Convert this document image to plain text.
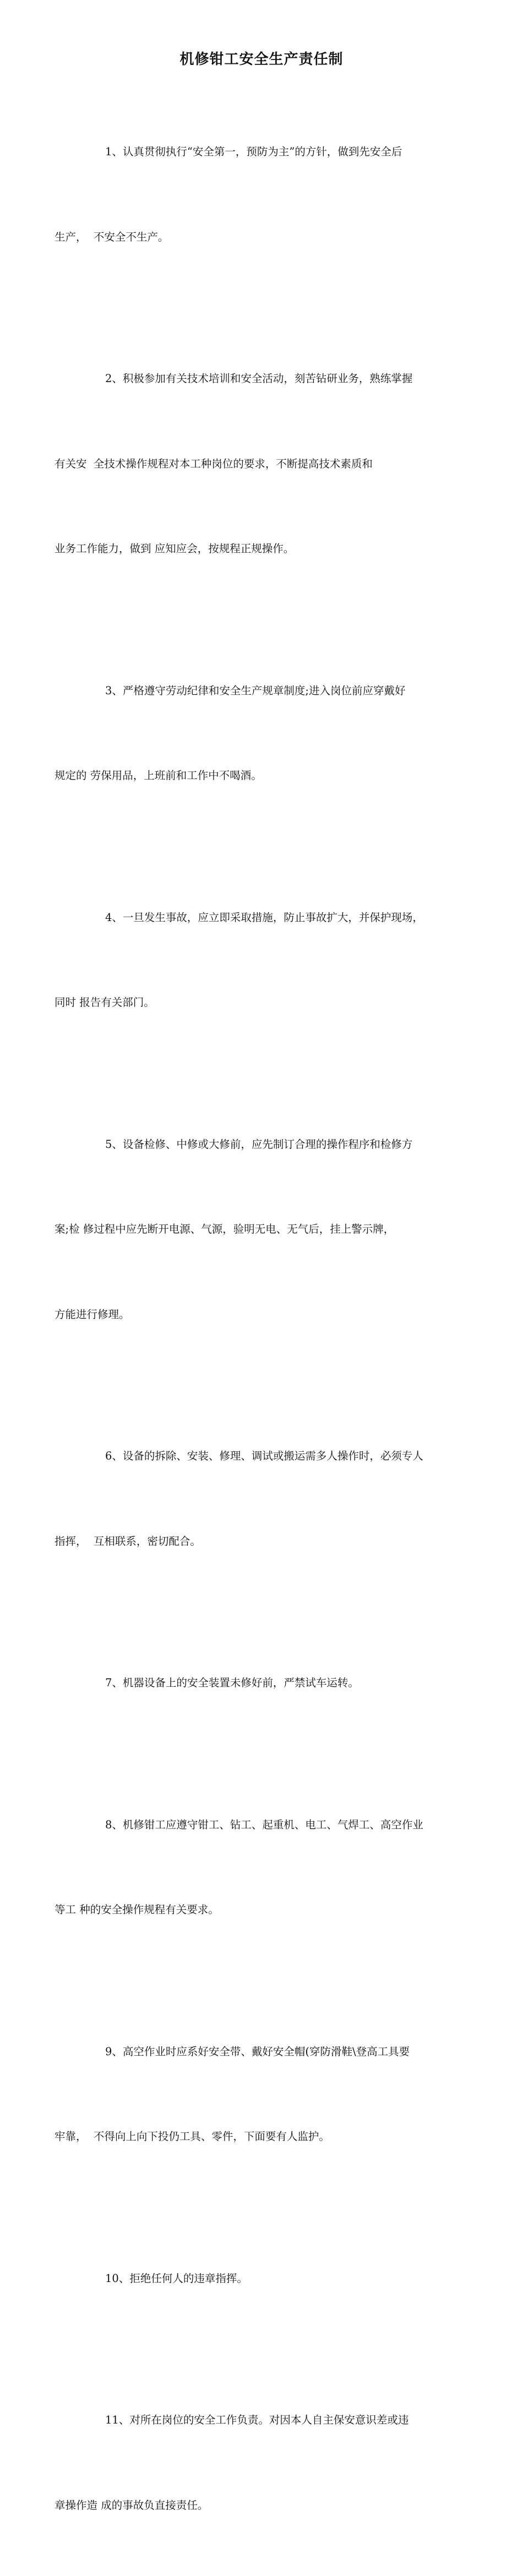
机修钳工安全生产责任制

1、认真贯彻执行“安全第一，预防为主”的方针，做到先安全后

生产，  不安全不生产。

2、积极参加有关技术培训和安全活动，刻苦钻研业务，熟练掌握

有关安  全技术操作规程对本工种岗位的要求，不断提高技术素质和

业务工作能力，做到 应知应会，按规程正规操作。

3、严格遵守劳动纪律和安全生产规章制度;进入岗位前应穿戴好

规定的 劳保用品，上班前和工作中不喝酒。

4、一旦发生事故，应立即采取措施，防止事故扩大，并保护现场，

同时 报告有关部门。

5、设备检修、中修或大修前，应先制订合理的操作程序和检修方

案;检 修过程中应先断开电源、气源，验明无电、无气后，挂上警示牌，

方能进行修理。

6、设备的拆除、安装、修理、调试或搬运需多人操作时，必须专人

指挥，  互相联系，密切配合。

7、机器设备上的安全装置未修好前，严禁试车运转。

8、机修钳工应遵守钳工、钻工、起重机、电工、气焊工、高空作业

等工 种的安全操作规程有关要求。

9、高空作业时应系好安全带、戴好安全帽(穿防滑鞋\登高工具要

牢靠，  不得向上向下投仍工具、零件，下面要有人监护。

10、拒绝任何人的违章指挥。

11、对所在岗位的安全工作负责。对因本人自主保安意识差或违

章操作造 成的事故负直接责任。
